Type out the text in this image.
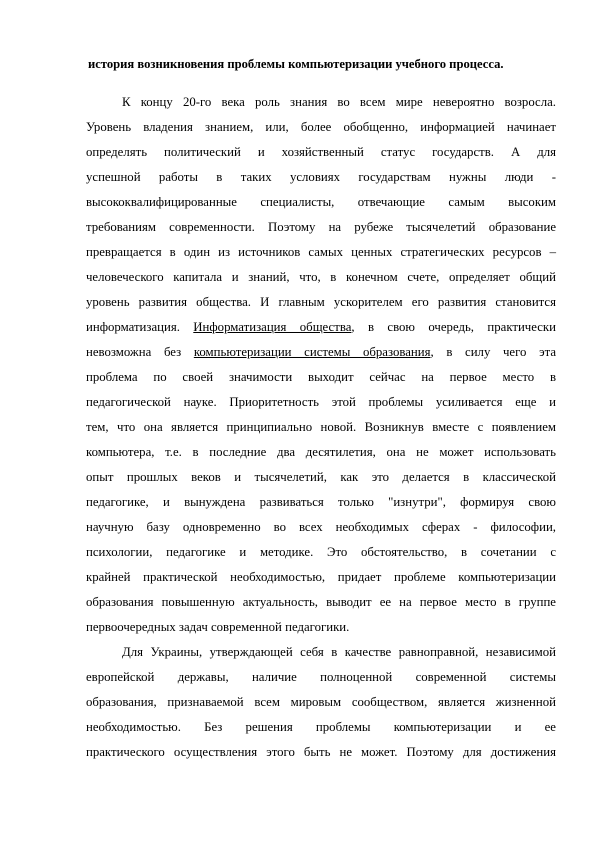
история возникновения проблемы компьютеризации учебного процесса.
К концу 20-го века роль знания во всем мире невероятно возросла.
Уровень владения знанием, или, более обобщенно, информацией начинает
определять политический и хозяйственный статус государств. А для
успешной работы в таких условиях государствам нужны люди -
высококвалифицированные специалисты, отвечающие самым высоким
требованиям современности. Поэтому на рубеже тысячелетий образование
превращается в один из источников самых ценных стратегических ресурсов –
человеческого капитала и знаний, что, в конечном счете, определяет общий
уровень развития общества. И главным ускорителем его развития становится
информатизация. Информатизация общества, в свою очередь, практически
невозможна без компьютеризации системы образования, в силу чего эта
проблема по своей значимости выходит сейчас на первое место в
педагогической науке. Приоритетность этой проблемы усиливается еще и
тем, что она является принципиально новой. Возникнув вместе с появлением
компьютера, т.е. в последние два десятилетия, она не может использовать
опыт прошлых веков и тысячелетий, как это делается в классической
педагогике, и вынуждена развиваться только "изнутри", формируя свою
научную базу одновременно во всех необходимых сферах - философии,
психологии, педагогике и методике. Это обстоятельство, в сочетании с
крайней практической необходимостью, придает проблеме компьютеризации
образования повышенную актуальность, выводит ее на первое место в группе
первоочередных задач современной педагогики.
Для Украины, утверждающей себя в качестве равноправной, независимой
европейской державы, наличие полноценной современной системы
образования, признаваемой всем мировым сообществом, является жизненной
необходимостью. Без решения проблемы компьютеризации и ее
практического осуществления этого быть не может. Поэтому для достижения
